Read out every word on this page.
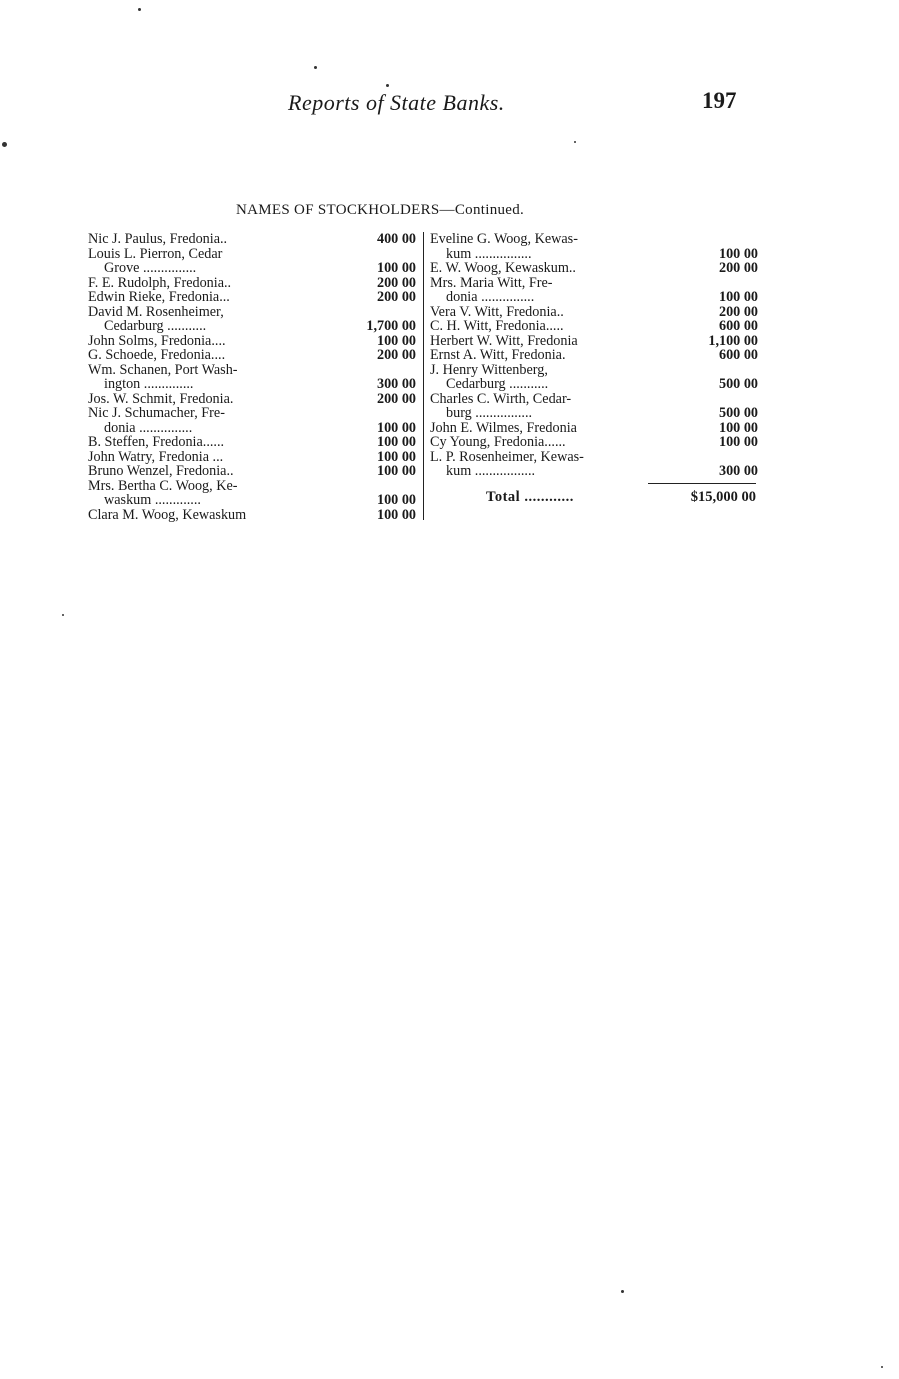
Reports of State Banks.	197
NAMES OF STOCKHOLDERS—Continued.
Nic J. Paulus, Fredonia..	400 00
Louis L. Pierron, Cedar
Grove ...............	100 00
F. E. Rudolph, Fredonia..	200 00
Edwin Rieke, Fredonia...	200 00
David M. Rosenheimer,
Cedarburg ...........	1,700 00
John Solms, Fredonia....	100 00
G. Schoede, Fredonia....	200 00
Wm. Schanen, Port Wash-
ington ..............	300 00
Jos. W. Schmit, Fredonia.	200 00
Nic J. Schumacher, Fre-
donia ...............	100 00
B. Steffen, Fredonia......	100 00
John Watry, Fredonia ...	100 00
Bruno Wenzel, Fredonia..	100 00
Mrs. Bertha C. Woog, Ke-
waskum .............	100 00
Clara M. Woog, Kewaskum	100 00
Eveline G. Woog, Kewas-
kum ................	100 00
E. W. Woog, Kewaskum..	200 00
Mrs. Maria Witt, Fre-
donia ...............	100 00
Vera V. Witt, Fredonia..	200 00
C. H. Witt, Fredonia.....	600 00
Herbert W. Witt, Fredonia	1,100 00
Ernst A. Witt, Fredonia.	600 00
J. Henry Wittenberg,
Cedarburg ...........	500 00
Charles C. Wirth, Cedar-
burg ................	500 00
John E. Wilmes, Fredonia	100 00
Cy Young, Fredonia......	100 00
L. P. Rosenheimer, Kewas-
kum .................	300 00
Total ............	$15,000 00
